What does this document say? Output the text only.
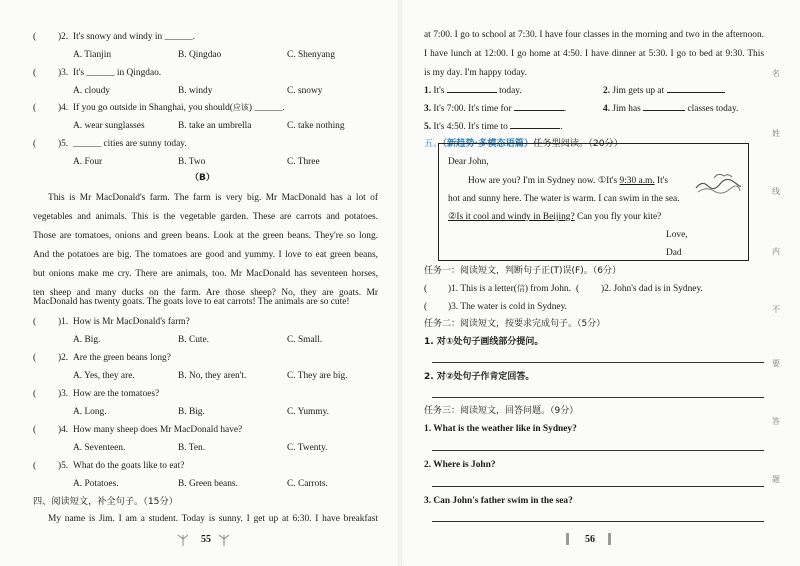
( )2. It's snowy and windy in ______.
A. Tianjin	B. Qingdao	C. Shenyang
( )3. It's ______ in Qingdao.
A. cloudy	B. windy	C. snowy
( )4. If you go outside in Shanghai, you should(应该) ______.
A. wear sunglasses	B. take an umbrella	C. take nothing
( )5. ______ cities are sunny today.
A. Four	B. Two	C. Three
（B）
This is Mr MacDonald's farm. The farm is very big. Mr MacDonald has a lot of
vegetables and animals. This is the vegetable garden. These are carrots and potatoes.
Those are tomatoes, onions and green beans. Look at the green beans. They're so long.
And the potatoes are big. The tomatoes are good and yummy. I love to eat green beans,
but onions make me cry. There are animals, too. Mr MacDonald has seventeen horses,
ten sheep and many ducks on the farm. Are those sheep? No, they are goats. Mr
MacDonald has twenty goats. The goats love to eat carrots! The animals are so cute!
( )1. How is Mr MacDonald's farm?
A. Big.	B. Cute.	C. Small.
( )2. Are the green beans long?
A. Yes, they are.	B. No, they aren't.	C. They are big.
( )3. How are the tomatoes?
A. Long.	B. Big.	C. Yummy.
( )4. How many sheep does Mr MacDonald have?
A. Seventeen.	B. Ten.	C. Twenty.
( )5. What do the goats like to eat?
A. Potatoes.	B. Green beans.	C. Carrots.
四、阅读短文，补全句子。（15分）
My name is Jim. I am a student. Today is sunny. I get up at 6:30. I have breakfast
55
at 7:00. I go to school at 7:30. I have four classes in the morning and two in the afternoon.
I have lunch at 12:00. I go home at 4:50. I have dinner at 5:30. I go to bed at 9:30. This
is my day. I'm happy today.
1. It's	today.	2. Jim gets up at
3. It's 7:00. It's time for	.	4. Jim has	classes today.
5. It's 4:50. It's time to	.
五、（新趋势·多模态语篇）任务型阅读。（20分）
Dear John,
How are you? I'm in Sydney now. ①It's 9:30 a.m. It's
hot and sunny here. The water is warm. I can swim in the sea.
②Is it cool and windy in Beijing? Can you fly your kite?
Love,
Dad
任务一：阅读短文，判断句子正(T)误(F)。（6分）
( )1. This is a letter(信) from John. ( )2. John's dad is in Sydney.
( )3. The water is cold in Sydney.
任务二：阅读短文，按要求完成句子。（5分）
1. 对①处句子画线部分提问。
2. 对②处句子作肯定回答。
任务三：阅读短文，回答问题。（9分）
1. What is the weather like in Sydney?
2. Where is John?
3. Can John's father swim in the sea?
56
名
姓
线
内
不
要
答
题
